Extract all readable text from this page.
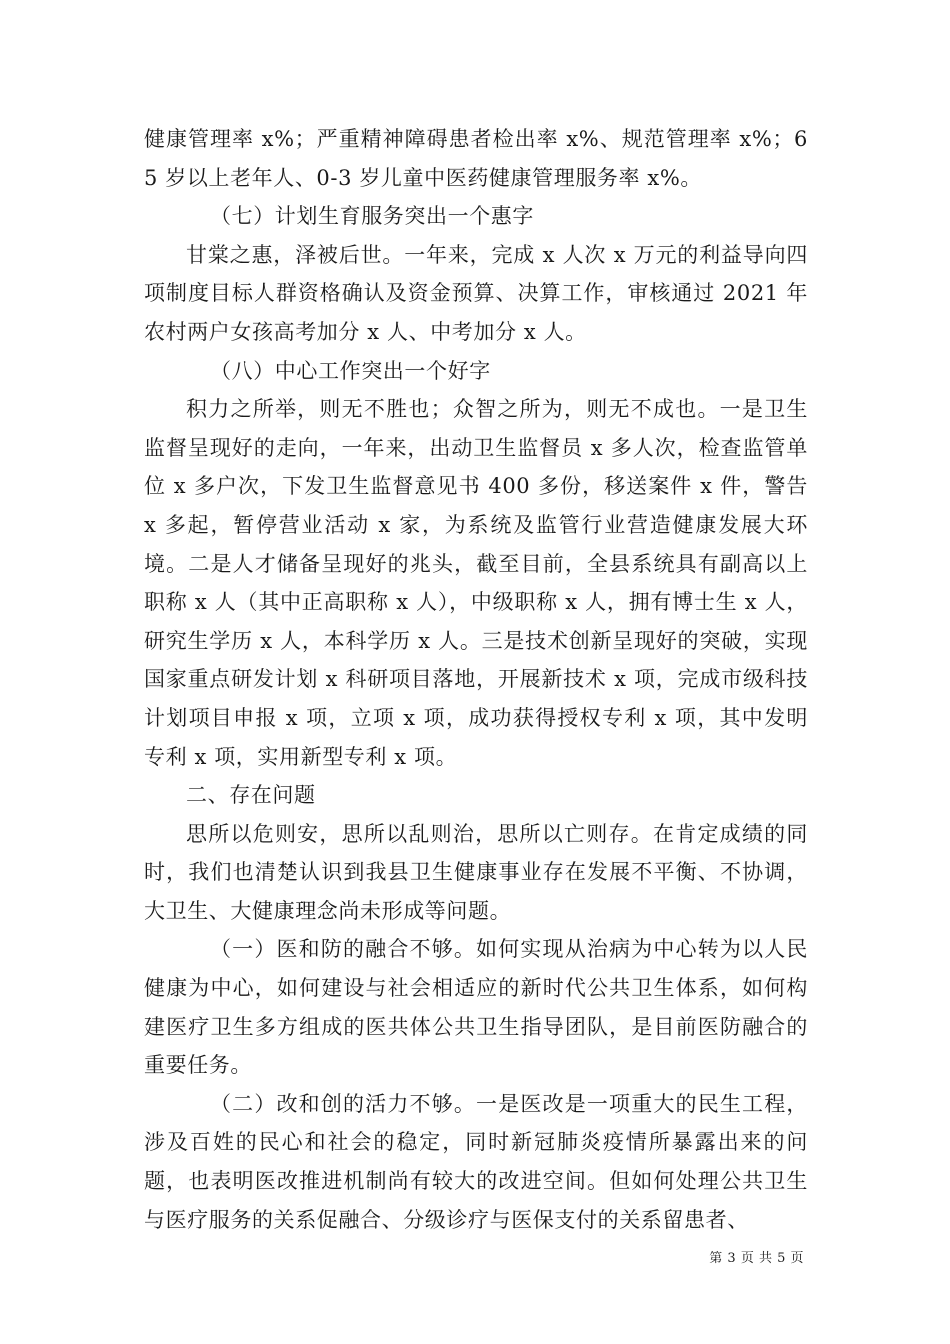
健康管理率 x%；严重精神障碍患者检出率 x%、规范管理率 x%；65 岁以上老年人、0-3 岁儿童中医药健康管理服务率 x%。

（七）计划生育服务突出一个惠字

甘棠之惠，泽被后世。一年来，完成 x 人次 x 万元的利益导向四项制度目标人群资格确认及资金预算、决算工作，审核通过 2021 年农村两户女孩高考加分 x 人、中考加分 x 人。

（八）中心工作突出一个好字

积力之所举，则无不胜也；众智之所为，则无不成也。一是卫生监督呈现好的走向，一年来，出动卫生监督员 x 多人次，检查监管单位 x 多户次，下发卫生监督意见书 400 多份，移送案件 x 件，警告 x 多起，暂停营业活动 x 家，为系统及监管行业营造健康发展大环境。二是人才储备呈现好的兆头，截至目前，全县系统具有副高以上职称 x 人（其中正高职称 x 人），中级职称 x 人，拥有博士生 x 人，研究生学历 x 人，本科学历 x 人。三是技术创新呈现好的突破，实现国家重点研发计划 x 科研项目落地，开展新技术 x 项，完成市级科技计划项目申报 x 项，立项 x 项，成功获得授权专利 x 项，其中发明专利 x 项，实用新型专利 x 项。

二、存在问题

思所以危则安，思所以乱则治，思所以亡则存。在肯定成绩的同时，我们也清楚认识到我县卫生健康事业存在发展不平衡、不协调，大卫生、大健康理念尚未形成等问题。

（一）医和防的融合不够。如何实现从治病为中心转为以人民健康为中心，如何建设与社会相适应的新时代公共卫生体系，如何构建医疗卫生多方组成的医共体公共卫生指导团队，是目前医防融合的重要任务。

（二）改和创的活力不够。一是医改是一项重大的民生工程，涉及百姓的民心和社会的稳定，同时新冠肺炎疫情所暴露出来的问题，也表明医改推进机制尚有较大的改进空间。但如何处理公共卫生与医疗服务的关系促融合、分级诊疗与医保支付的关系留患者、

第 3 页 共 5 页
